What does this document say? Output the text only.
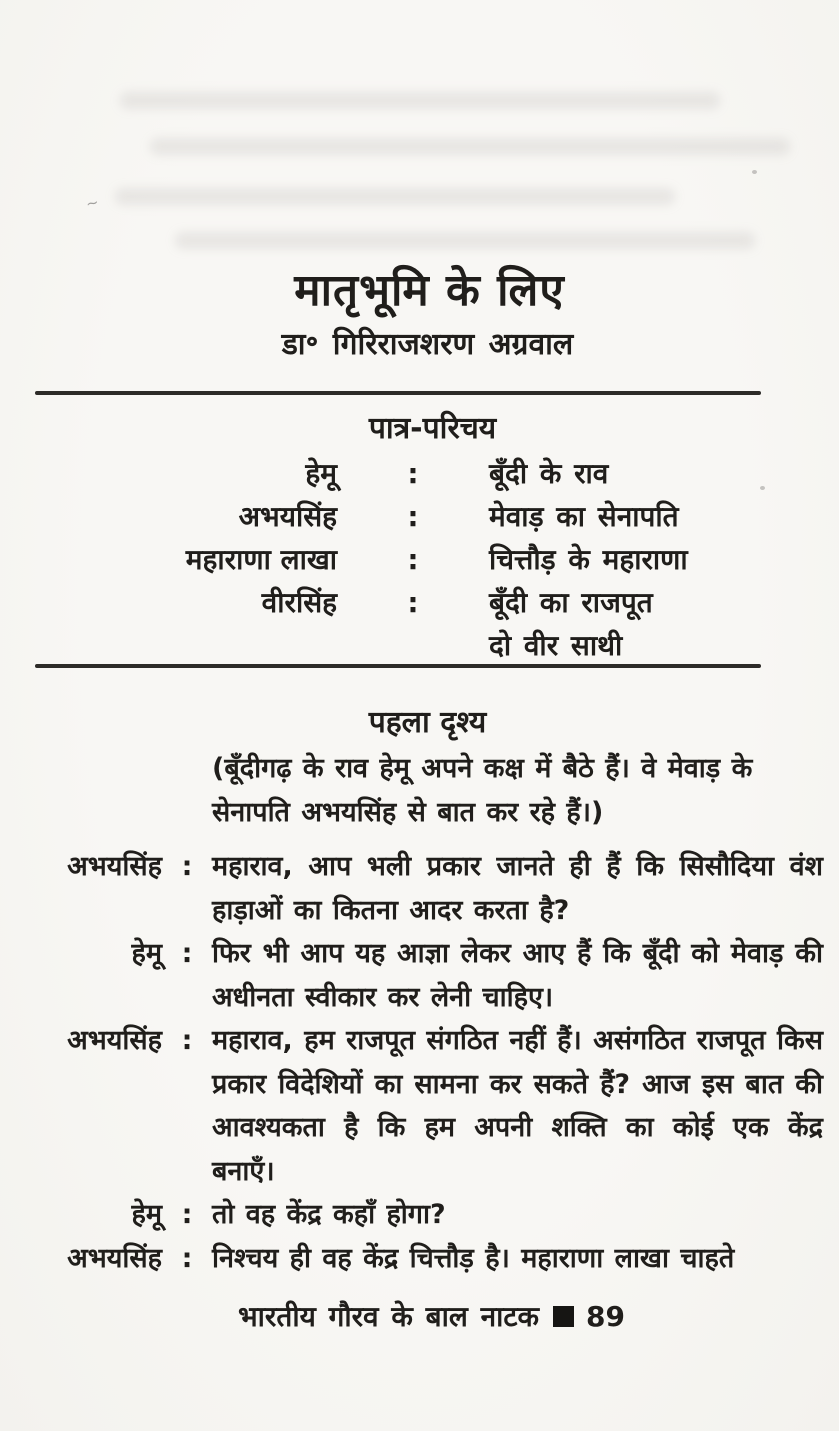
∼
मातृभूमि के लिए
डा॰ गिरिराजशरण अग्रवाल
पात्र-परिचय
हेमू	:	बूँदी के राव
अभयसिंह	:	मेवाड़ का सेनापति
महाराणा लाखा	:	चित्तौड़ के महाराणा
वीरसिंह	:	बूँदी का राजपूत
दो वीर साथी
पहला दृश्य
(बूँदीगढ़ के राव हेमू अपने कक्ष में बैठे हैं। वे मेवाड़ के सेनापति अभयसिंह से बात कर रहे हैं।)
अभयसिंह : महाराव, आप भली प्रकार जानते ही हैं कि सिसौदिया वंश हाड़ाओं का कितना आदर करता है?
हेमू : फिर भी आप यह आज्ञा लेकर आए हैं कि बूँदी को मेवाड़ की अधीनता स्वीकार कर लेनी चाहिए।
अभयसिंह : महाराव, हम राजपूत संगठित नहीं हैं। असंगठित राजपूत किस प्रकार विदेशियों का सामना कर सकते हैं? आज इस बात की आवश्यकता है कि हम अपनी शक्ति का कोई एक केंद्र बनाएँ।
हेमू : तो वह केंद्र कहाँ होगा?
अभयसिंह : निश्चय ही वह केंद्र चित्तौड़ है। महाराणा लाखा चाहते
भारतीय गौरव के बाल नाटक 89
